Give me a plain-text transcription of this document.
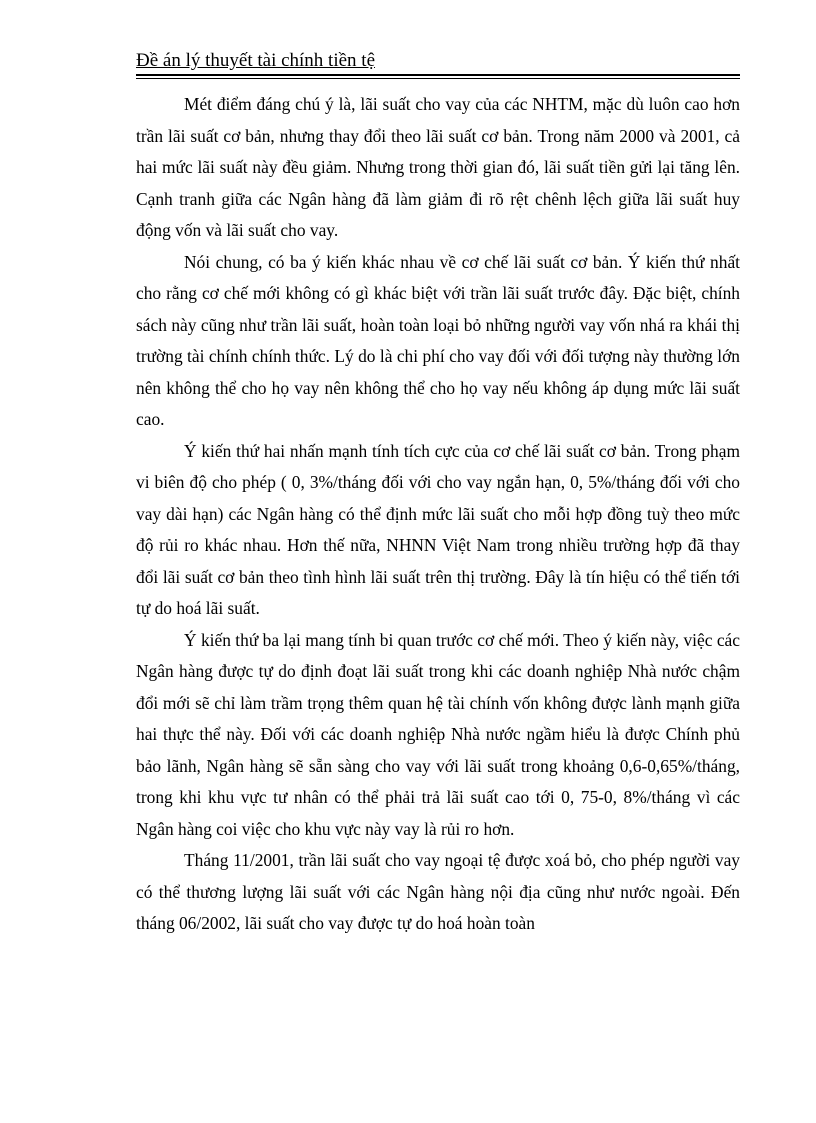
Đề án lý thuyết tài chính tiền tệ

Mét điểm đáng chú ý là, lãi suất cho vay của các NHTM, mặc dù luôn cao hơn trần lãi suất cơ bản, nhưng thay đổi theo lãi suất cơ bản. Trong năm 2000 và 2001, cả hai mức lãi suất này đều giảm. Nhưng trong thời gian đó, lãi suất tiền gửi lại tăng lên. Cạnh tranh giữa các Ngân hàng đã làm giảm đi rõ rệt chênh lệch giữa lãi suất huy động vốn và lãi suất cho vay.

Nói chung, có ba ý kiến khác nhau về cơ chế lãi suất cơ bản. Ý kiến thứ nhất cho rằng cơ chế mới không có gì khác biệt với trần lãi suất trước đây. Đặc biệt, chính sách này cũng như trần lãi suất, hoàn toàn loại bỏ những người vay vốn nhá ra khái thị trường tài chính chính thức. Lý do là chi phí cho vay đối với đối tượng này thường lớn nên không thể cho họ vay nên không thể cho họ vay nếu không áp dụng mức lãi suất cao.

Ý kiến thứ hai nhấn mạnh tính tích cực của cơ chế lãi suất cơ bản. Trong phạm vi biên độ cho phép ( 0, 3%/tháng đối với cho vay ngắn hạn, 0, 5%/tháng đối với cho vay dài hạn) các Ngân hàng có thể định mức lãi suất cho mỗi hợp đồng tuỳ theo mức độ rủi ro khác nhau. Hơn thế nữa, NHNN Việt Nam trong nhiều trường hợp đã thay đổi lãi suất cơ bản theo tình hình lãi suất trên thị trường. Đây là tín hiệu có thể tiến tới tự do hoá lãi suất.

Ý kiến thứ ba lại mang tính bi quan trước cơ chế mới. Theo ý kiến này, việc các Ngân hàng được tự do định đoạt lãi suất trong khi các doanh nghiệp Nhà nước chậm đổi mới sẽ chỉ làm trầm trọng thêm quan hệ tài chính vốn không được lành mạnh giữa hai thực thể này. Đối với các doanh nghiệp Nhà nước ngầm hiểu là được Chính phủ bảo lãnh, Ngân hàng sẽ sẵn sàng cho vay với lãi suất trong khoảng 0,6-0,65%/tháng, trong khi khu vực tư nhân có thể phải trả lãi suất cao tới 0, 75-0, 8%/tháng vì các Ngân hàng coi việc cho khu vực này vay là rủi ro hơn.

Tháng 11/2001, trần lãi suất cho vay ngoại tệ được xoá bỏ, cho phép người vay có thể thương lượng lãi suất với các Ngân hàng nội địa cũng như nước ngoài. Đến tháng 06/2002, lãi suất cho vay được tự do hoá hoàn toàn
